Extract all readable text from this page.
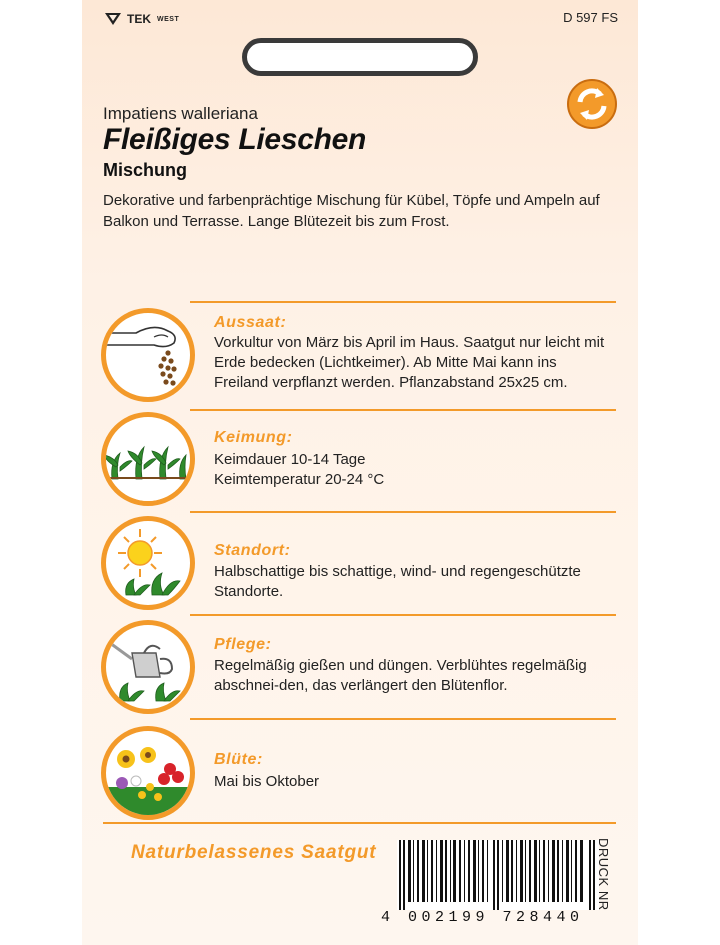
TEK WEST	D 597 FS
Impatiens walleriana
Fleißiges Lieschen
Mischung
Dekorative und farbenprächtige Mischung für Kübel, Töpfe und Ampeln auf Balkon und Terrasse. Lange Blütezeit bis zum Frost.
Aussaat:
Vorkultur von März bis April im Haus. Saatgut nur leicht mit Erde bedecken (Lichtkeimer). Ab Mitte Mai kann ins Freiland verpflanzt werden. Pflanzabstand 25x25 cm.
Keimung:
Keimdauer 10-14 Tage
Keimtemperatur 20-24 °C
Standort:
Halbschattige bis schattige, wind- und regengeschützte Standorte.
Pflege:
Regelmäßig gießen und düngen. Verblühtes regelmäßig abschnei-den, das verlängert den Blütenflor.
Blüte:
Mai bis Oktober
Naturbelassenes Saatgut
4 002199 728440
DRUCK NR
